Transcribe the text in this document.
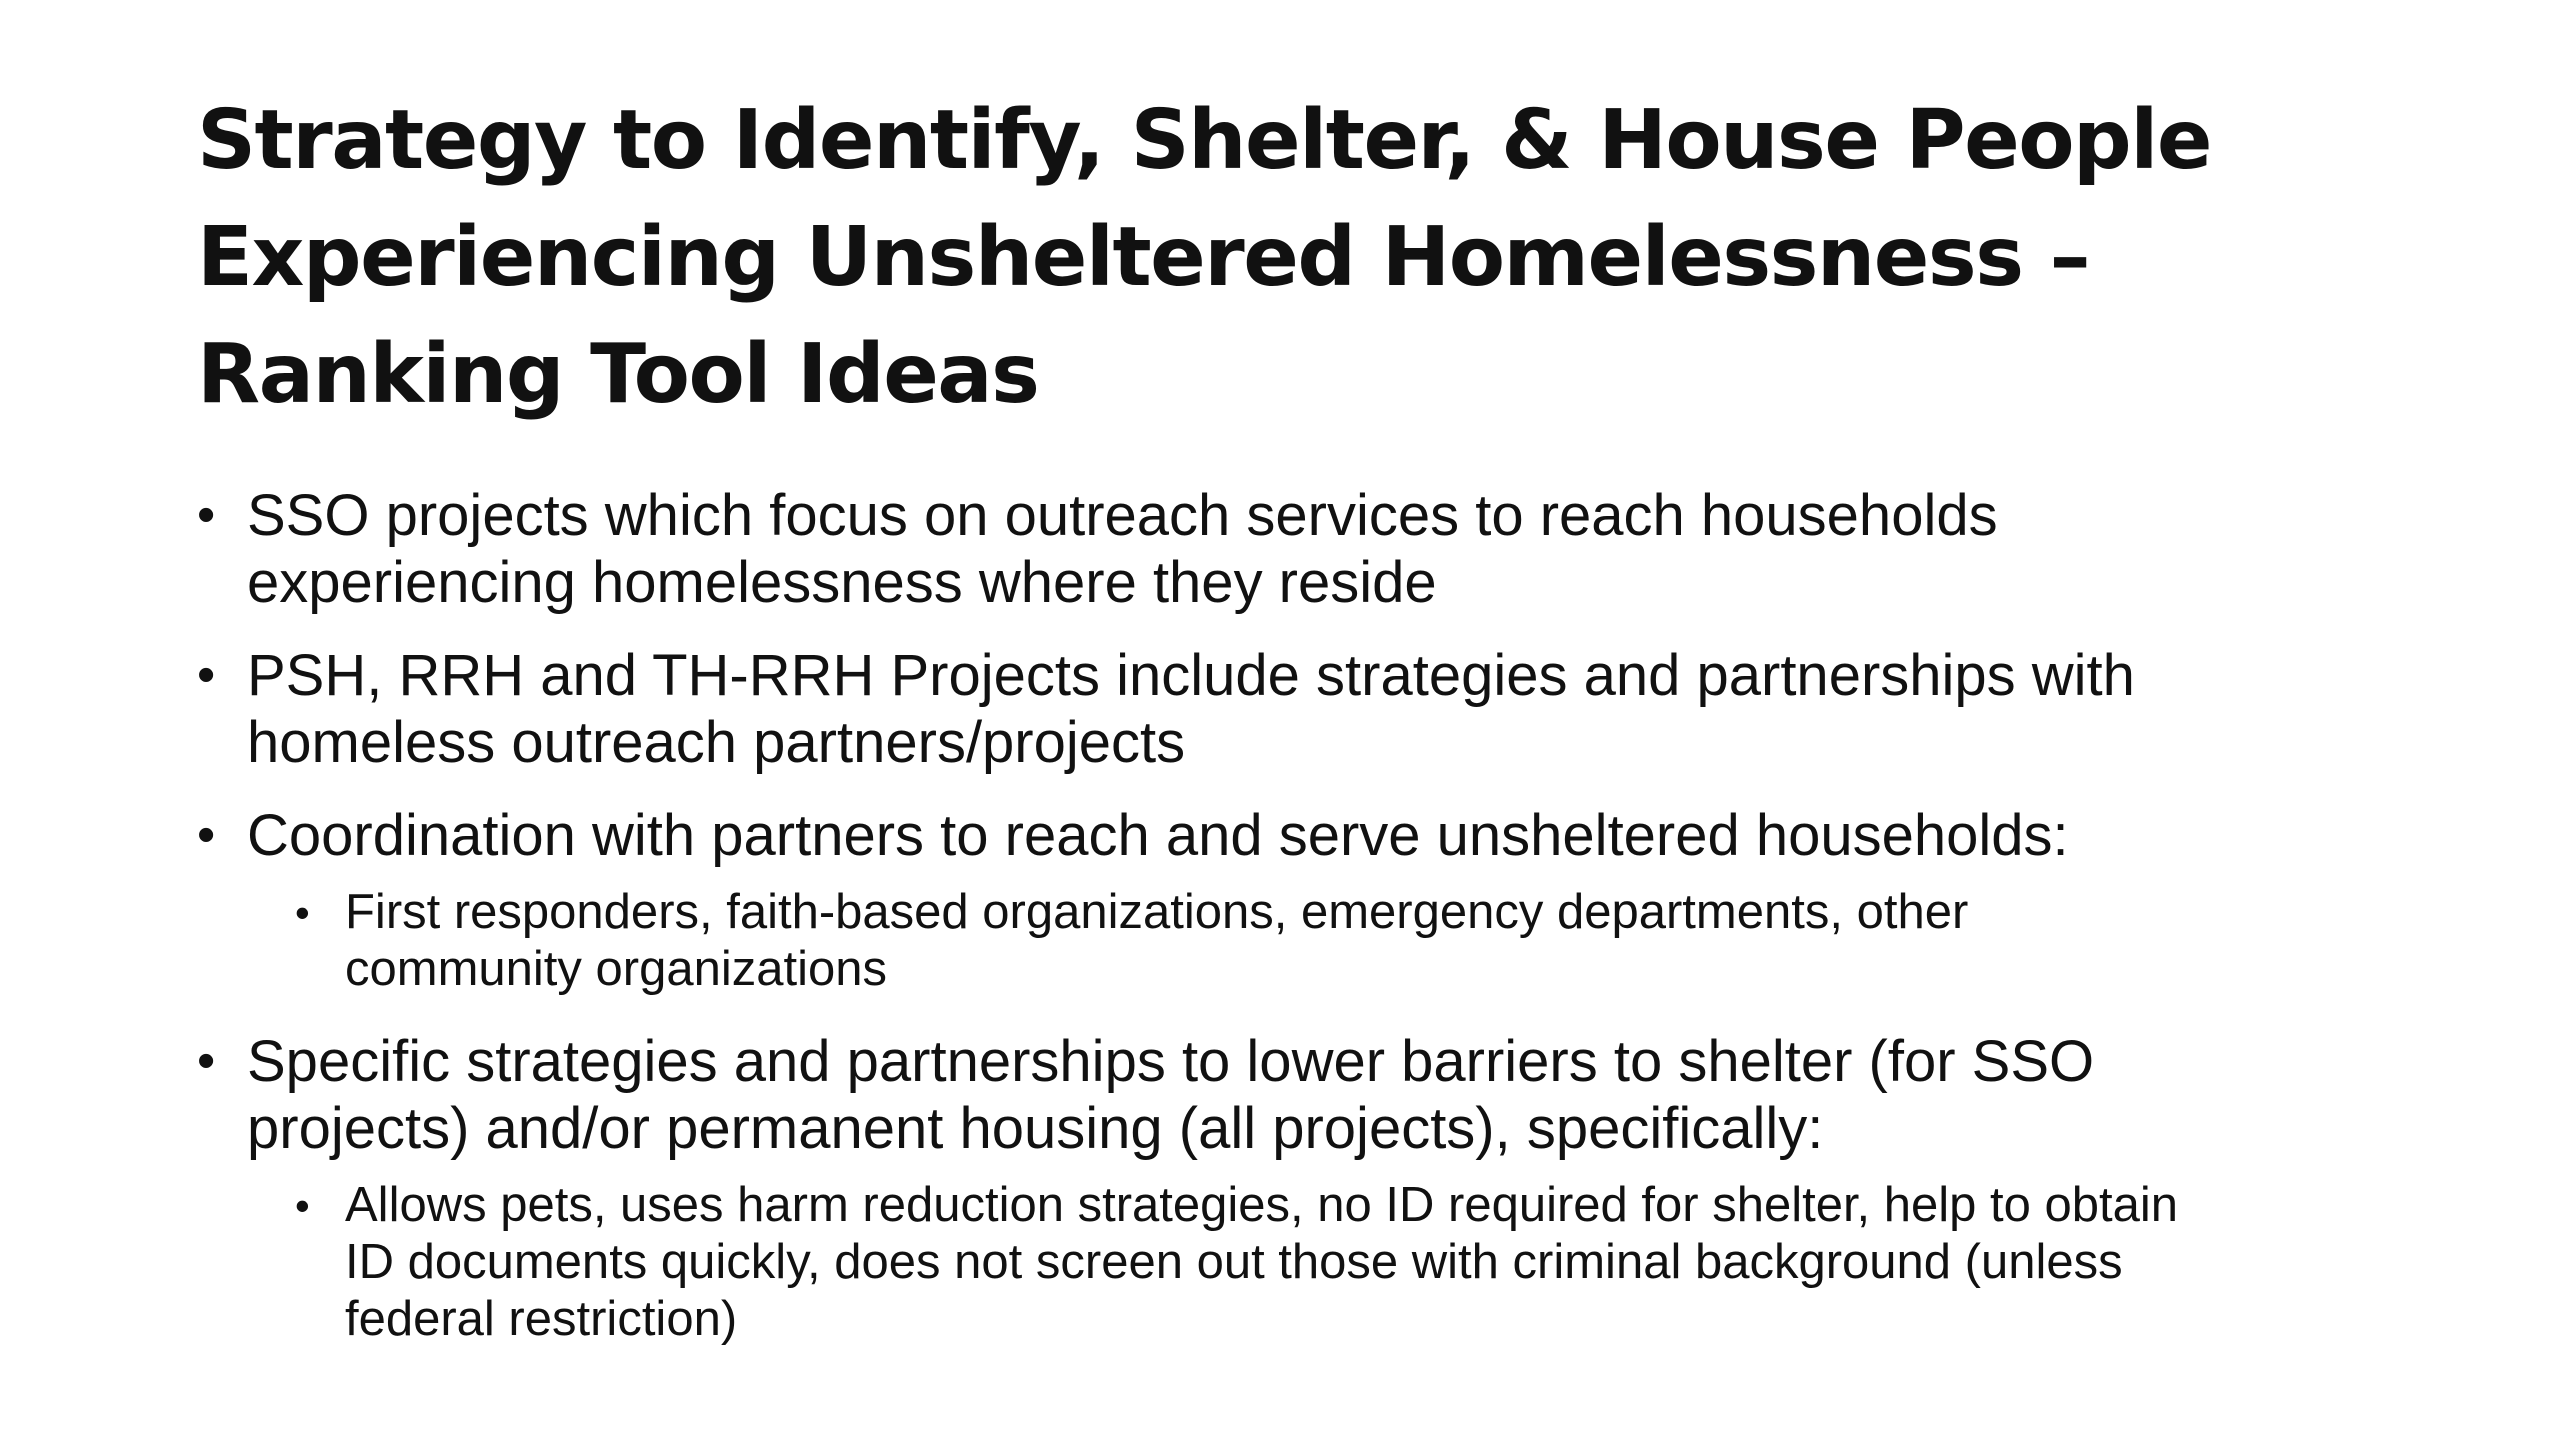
Strategy to Identify, Shelter, & House People
Experiencing Unsheltered Homelessness –
Ranking Tool Ideas
• SSO projects which focus on outreach services to reach households
experiencing homelessness where they reside
• PSH, RRH and TH-RRH Projects include strategies and partnerships with
homeless outreach partners/projects
• Coordination with partners to reach and serve unsheltered households:
• First responders, faith-based organizations, emergency departments, other
community organizations
• Specific strategies and partnerships to lower barriers to shelter (for SSO
projects) and/or permanent housing (all projects), specifically:
• Allows pets, uses harm reduction strategies, no ID required for shelter, help to obtain
ID documents quickly, does not screen out those with criminal background (unless
federal restriction)
